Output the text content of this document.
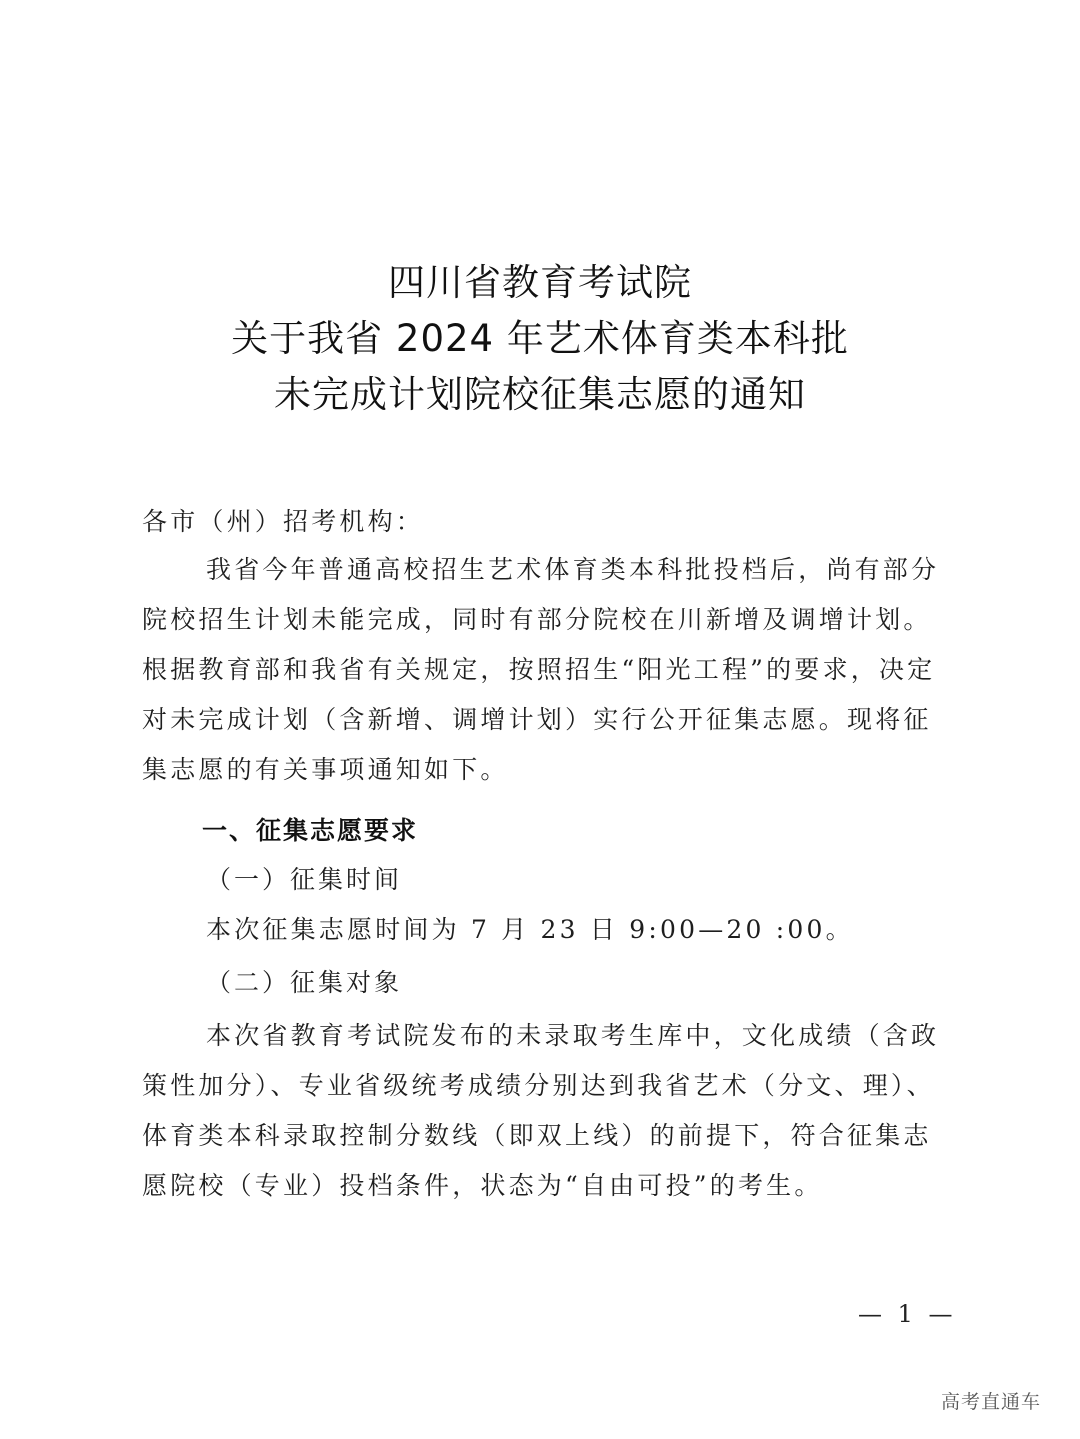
四川省教育考试院
关于我省 2024 年艺术体育类本科批
未完成计划院校征集志愿的通知
各市（州）招考机构：
我省今年普通高校招生艺术体育类本科批投档后，尚有部分院校招生计划未能完成，同时有部分院校在川新增及调增计划。根据教育部和我省有关规定，按照招生“阳光工程”的要求，决定对未完成计划（含新增、调增计划）实行公开征集志愿。现将征集志愿的有关事项通知如下。
一、征集志愿要求
（一）征集时间
本次征集志愿时间为 7 月 23 日 9:00—20 :00。
（二）征集对象
本次省教育考试院发布的未录取考生库中，文化成绩（含政策性加分）、专业省级统考成绩分别达到我省艺术（分文、理）、体育类本科录取控制分数线（即双上线）的前提下，符合征集志愿院校（专业）投档条件，状态为“自由可投”的考生。
— 1 —
高考直通车
